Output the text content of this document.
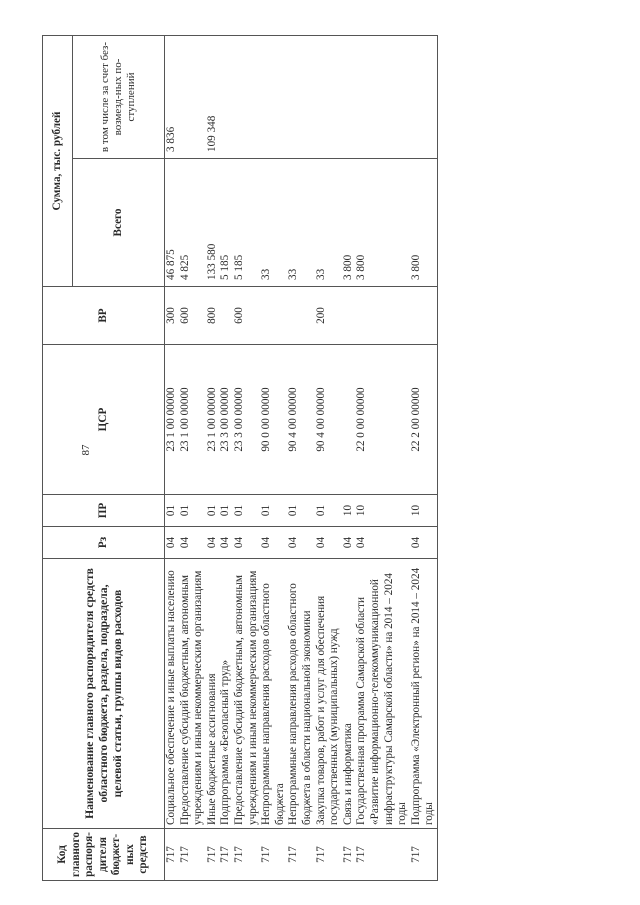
87
Код главного распоря-дителя бюджет-ных средств	Наименование главного распорядителя средств областного бюджета, раздела, подраздела, целевой статьи, группы видов расходов	Рз	ПР	ЦСР	ВР	Сумма, тыс. рублей	
						Всего	в том числе за счет без-возмезд-ных по-ступлений
717	Социальное обеспечение и иные выплаты населению	04	01	23 1 00 00000	300	46 875	3 836
717	Предоставление субсидий бюджетным, автономным учреждениям и иным некоммерческим организациям	04	01	23 1 00 00000	600	4 825	
717	Иные бюджетные ассигнования	04	01	23 1 00 00000	800	133 580	109 348
717	Подпрограмма «Безопасный труд»	04	01	23 3 00 00000		5 185	
717	Предоставление субсидий бюджетным, автономным учреждениям и иным некоммерческим организациям	04	01	23 3 00 00000	600	5 185	
717	Непрограммные направления расходов областного бюджета	04	01	90 0 00 00000		33	
717	Непрограммные направления расходов областного бюджета в области национальной экономики	04	01	90 4 00 00000		33	
717	Закупка товаров, работ и услуг для обеспечения государственных (муниципальных) нужд	04	01	90 4 00 00000	200	33	
717	Связь и информатика	04	10			3 800	
717	Государственная программа Самарской области «Развитие информационно-телекоммуникационной инфраструктуры Самарской области» на 2014 – 2024 годы	04	10	22 0 00 00000		3 800	
717	Подпрограмма «Электронный регион» на 2014 – 2024 годы	04	10	22 2 00 00000		3 800	
